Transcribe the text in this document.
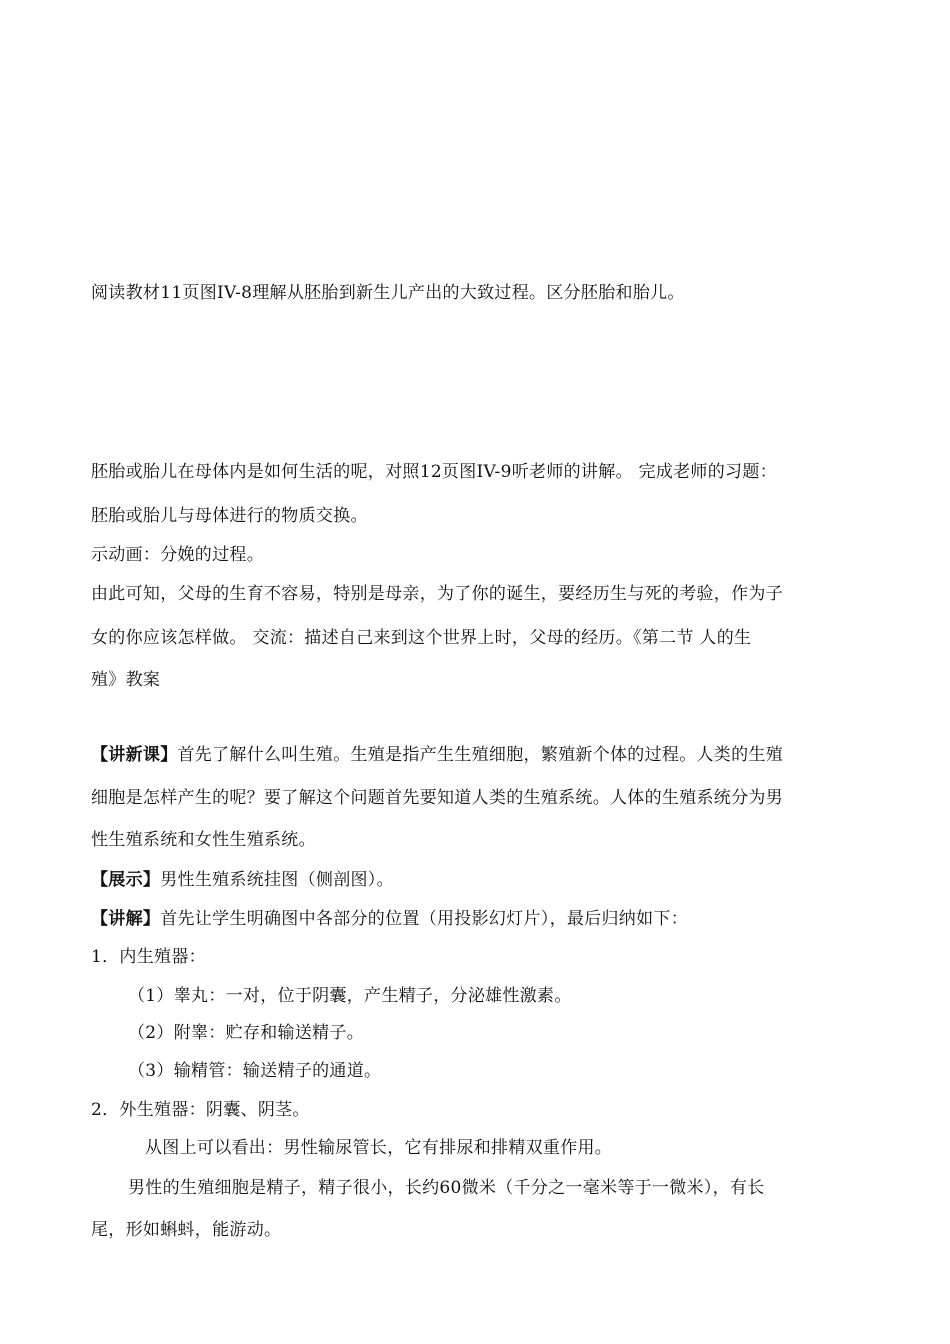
阅读教材11页图IV-8理解从胚胎到新生儿产出的大致过程。区分胚胎和胎儿。
胚胎或胎儿在母体内是如何生活的呢，对照12页图IV-9听老师的讲解。 完成老师的习题：
胚胎或胎儿与母体进行的物质交换。
示动画：分娩的过程。
由此可知，父母的生育不容易，特别是母亲，为了你的诞生，要经历生与死的考验，作为子
女的你应该怎样做。 交流：描述自己来到这个世界上时，父母的经历。《第二节 人的生
殖》教案
【讲新课】首先了解什么叫生殖。生殖是指产生生殖细胞，繁殖新个体的过程。人类的生殖
细胞是怎样产生的呢？要了解这个问题首先要知道人类的生殖系统。人体的生殖系统分为男
性生殖系统和女性生殖系统。
【展示】男性生殖系统挂图（侧剖图）。
【讲解】首先让学生明确图中各部分的位置（用投影幻灯片），最后归纳如下：
1．内生殖器：
（1）睾丸：一对，位于阴囊，产生精子，分泌雄性激素。
（2）附睾：贮存和输送精子。
（3）输精管：输送精子的通道。
2．外生殖器：阴囊、阴茎。
从图上可以看出：男性输尿管长，它有排尿和排精双重作用。
男性的生殖细胞是精子，精子很小，长约60微米（千分之一毫米等于一微米），有长
尾，形如蝌蚪，能游动。
